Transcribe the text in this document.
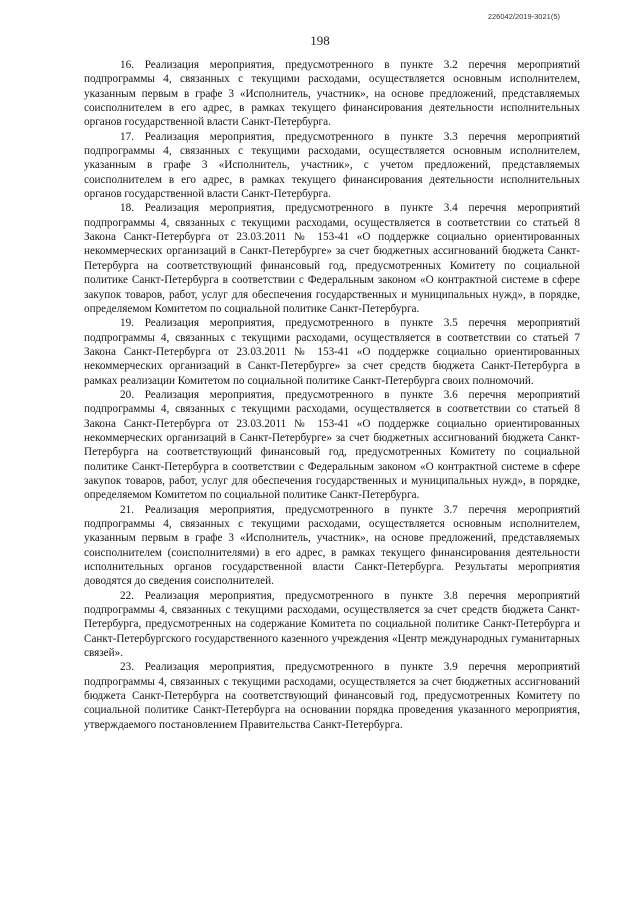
226042/2019-3021(5)
198

16. Реализация мероприятия, предусмотренного в пункте 3.2 перечня мероприятий подпрограммы 4, связанных с текущими расходами, осуществляется основным исполнителем, указанным первым в графе 3 «Исполнитель, участник», на основе предложений, представляемых соисполнителем в его адрес, в рамках текущего финансирования деятельности исполнительных органов государственной власти Санкт-Петербурга.

17. Реализация мероприятия, предусмотренного в пункте 3.3 перечня мероприятий подпрограммы 4, связанных с текущими расходами, осуществляется основным исполнителем, указанным в графе 3 «Исполнитель, участник», с учетом предложений, представляемых соисполнителем в его адрес, в рамках текущего финансирования деятельности исполнительных органов государственной власти Санкт-Петербурга.

18. Реализация мероприятия, предусмотренного в пункте 3.4 перечня мероприятий подпрограммы 4, связанных с текущими расходами, осуществляется в соответствии со статьей 8 Закона Санкт-Петербурга от 23.03.2011 № 153-41 «О поддержке социально ориентированных некоммерческих организаций в Санкт-Петербурге» за счет бюджетных ассигнований бюджета Санкт-Петербурга на соответствующий финансовый год, предусмотренных Комитету по социальной политике Санкт-Петербурга в соответствии с Федеральным законом «О контрактной системе в сфере закупок товаров, работ, услуг для обеспечения государственных и муниципальных нужд», в порядке, определяемом Комитетом по социальной политике Санкт-Петербурга.

19. Реализация мероприятия, предусмотренного в пункте 3.5 перечня мероприятий подпрограммы 4, связанных с текущими расходами, осуществляется в соответствии со статьей 7 Закона Санкт-Петербурга от 23.03.2011 № 153-41 «О поддержке социально ориентированных некоммерческих организаций в Санкт-Петербурге» за счет средств бюджета Санкт-Петербурга в рамках реализации Комитетом по социальной политике Санкт-Петербурга своих полномочий.

20. Реализация мероприятия, предусмотренного в пункте 3.6 перечня мероприятий подпрограммы 4, связанных с текущими расходами, осуществляется в соответствии со статьей 8 Закона Санкт-Петербурга от 23.03.2011 № 153-41 «О поддержке социально ориентированных некоммерческих организаций в Санкт-Петербурге» за счет бюджетных ассигнований бюджета Санкт-Петербурга на соответствующий финансовый год, предусмотренных Комитету по социальной политике Санкт-Петербурга в соответствии с Федеральным законом «О контрактной системе в сфере закупок товаров, работ, услуг для обеспечения государственных и муниципальных нужд», в порядке, определяемом Комитетом по социальной политике Санкт-Петербурга.

21. Реализация мероприятия, предусмотренного в пункте 3.7 перечня мероприятий подпрограммы 4, связанных с текущими расходами, осуществляется основным исполнителем, указанным первым в графе 3 «Исполнитель, участник», на основе предложений, представляемых соисполнителем (соисполнителями) в его адрес, в рамках текущего финансирования деятельности исполнительных органов государственной власти Санкт-Петербурга. Результаты мероприятия доводятся до сведения соисполнителей.

22. Реализация мероприятия, предусмотренного в пункте 3.8 перечня мероприятий подпрограммы 4, связанных с текущими расходами, осуществляется за счет средств бюджета Санкт-Петербурга, предусмотренных на содержание Комитета по социальной политике Санкт-Петербурга и Санкт-Петербургского государственного казенного учреждения «Центр международных гуманитарных связей».

23. Реализация мероприятия, предусмотренного в пункте 3.9 перечня мероприятий подпрограммы 4, связанных с текущими расходами, осуществляется за счет бюджетных ассигнований бюджета Санкт-Петербурга на соответствующий финансовый год, предусмотренных Комитету по социальной политике Санкт-Петербурга на основании порядка проведения указанного мероприятия, утверждаемого постановлением Правительства Санкт-Петербурга.
